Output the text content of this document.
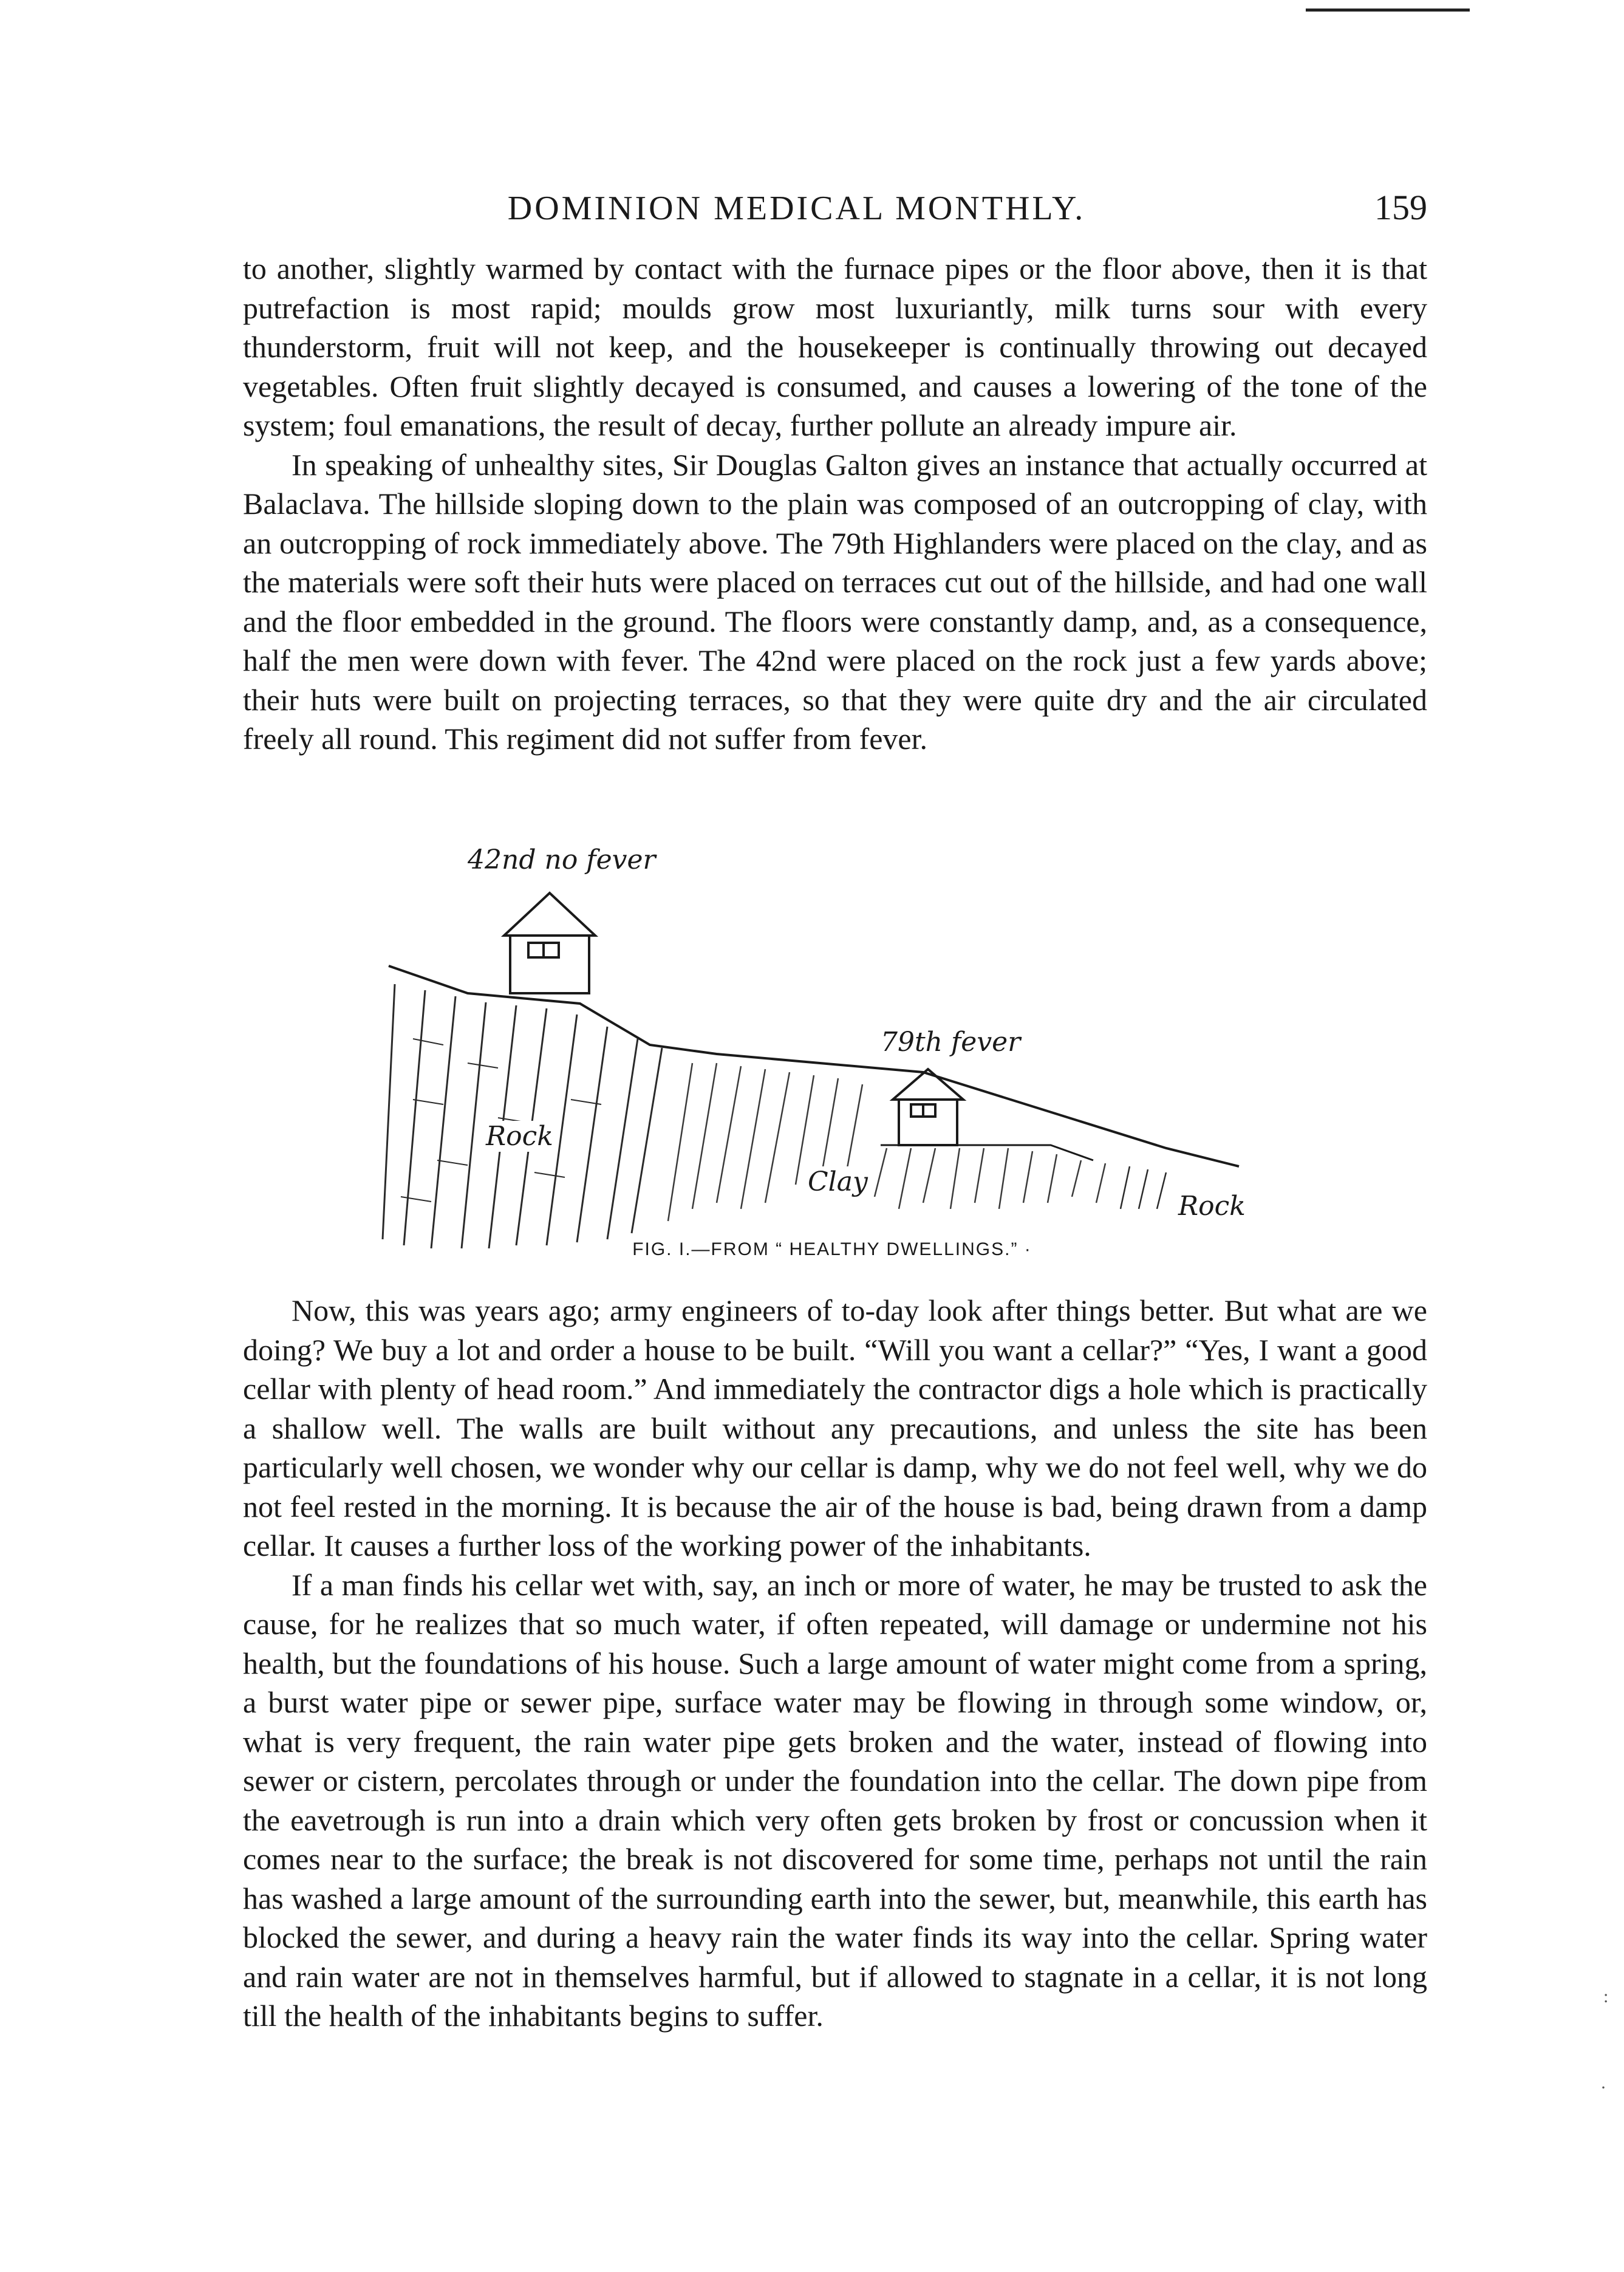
DOMINION MEDICAL MONTHLY.	159

to another, slightly warmed by contact with the furnace pipes or the floor above, then it is that putrefaction is most rapid; moulds grow most luxuriantly, milk turns sour with every thunderstorm, fruit will not keep, and the housekeeper is continually throwing out decayed vegetables. Often fruit slightly decayed is consumed, and causes a lowering of the tone of the system; foul emanations, the result of decay, further pollute an already impure air.

In speaking of unhealthy sites, Sir Douglas Galton gives an instance that actually occurred at Balaclava. The hillside sloping down to the plain was composed of an outcropping of clay, with an outcropping of rock immediately above. The 79th Highlanders were placed on the clay, and as the materials were soft their huts were placed on terraces cut out of the hillside, and had one wall and the floor embedded in the ground. The floors were constantly damp, and, as a consequence, half the men were down with fever. The 42nd were placed on the rock just a few yards above; their huts were built on projecting terraces, so that they were quite dry and the air circulated freely all round. This regiment did not suffer from fever.

42nd no fever
79th fever
Rock
Clay
Rock
FIG. I.—FROM “ HEALTHY DWELLINGS.” ·

Now, this was years ago; army engineers of to-day look after things better. But what are we doing? We buy a lot and order a house to be built. “Will you want a cellar?” “Yes, I want a good cellar with plenty of head room.” And immediately the contractor digs a hole which is practically a shallow well. The walls are built without any precautions, and unless the site has been particularly well chosen, we wonder why our cellar is damp, why we do not feel well, why we do not feel rested in the morning. It is because the air of the house is bad, being drawn from a damp cellar. It causes a further loss of the working power of the inhabitants.

If a man finds his cellar wet with, say, an inch or more of water, he may be trusted to ask the cause, for he realizes that so much water, if often repeated, will damage or undermine not his health, but the foundations of his house. Such a large amount of water might come from a spring, a burst water pipe or sewer pipe, surface water may be flowing in through some window, or, what is very frequent, the rain water pipe gets broken and the water, instead of flowing into sewer or cistern, percolates through or under the foundation into the cellar. The down pipe from the eavetrough is run into a drain which very often gets broken by frost or concussion when it comes near to the surface; the break is not discovered for some time, perhaps not until the rain has washed a large amount of the surrounding earth into the sewer, but, meanwhile, this earth has blocked the sewer, and during a heavy rain the water finds its way into the cellar. Spring water and rain water are not in themselves harmful, but if allowed to stagnate in a cellar, it is not long till the health of the inhabitants begins to suffer.

:
·
